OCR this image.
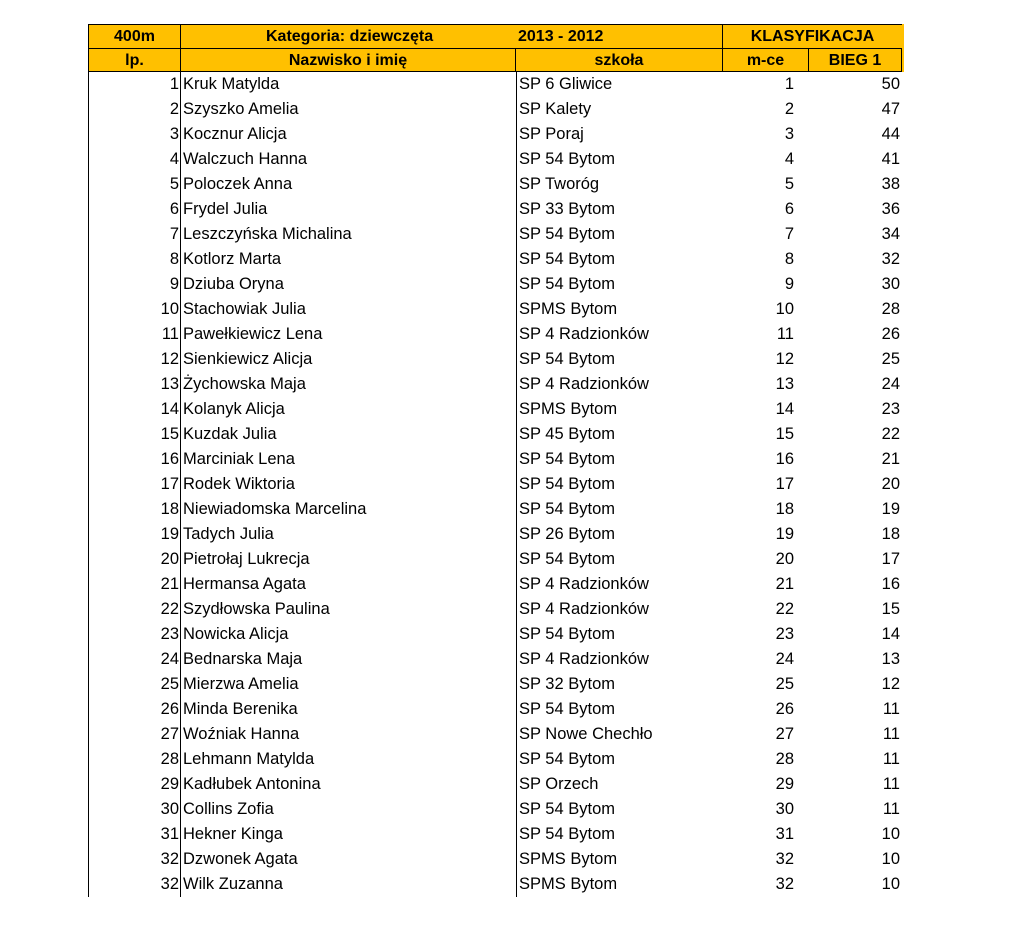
400m	Kategoria: dziewczęta	2013 - 2012	KLASYFIKACJA
lp.	Nazwisko i imię	szkoła	m-ce	BIEG 1
1 Kruk Matylda	SP 6 Gliwice	1	50
2 Szyszko Amelia	SP Kalety	2	47
3 Kocznur Alicja	SP Poraj	3	44
4 Walczuch Hanna	SP 54 Bytom	4	41
5 Poloczek Anna	SP Tworóg	5	38
6 Frydel Julia	SP 33 Bytom	6	36
7 Leszczyńska Michalina	SP 54 Bytom	7	34
8 Kotlorz Marta	SP 54 Bytom	8	32
9 Dziuba Oryna	SP 54 Bytom	9	30
10 Stachowiak Julia	SPMS Bytom	10	28
11 Pawełkiewicz Lena	SP 4 Radzionków	11	26
12 Sienkiewicz Alicja	SP 54 Bytom	12	25
13 Żychowska Maja	SP 4 Radzionków	13	24
14 Kolanyk Alicja	SPMS Bytom	14	23
15 Kuzdak Julia	SP 45 Bytom	15	22
16 Marciniak Lena	SP 54 Bytom	16	21
17 Rodek Wiktoria	SP 54 Bytom	17	20
18 Niewiadomska Marcelina	SP 54 Bytom	18	19
19 Tadych Julia	SP 26 Bytom	19	18
20 Pietrołaj Lukrecja	SP 54 Bytom	20	17
21 Hermansa Agata	SP 4 Radzionków	21	16
22 Szydłowska Paulina	SP 4 Radzionków	22	15
23 Nowicka Alicja	SP 54 Bytom	23	14
24 Bednarska Maja	SP 4 Radzionków	24	13
25 Mierzwa Amelia	SP 32 Bytom	25	12
26 Minda Berenika	SP 54 Bytom	26	11
27 Woźniak Hanna	SP Nowe Chechło	27	11
28 Lehmann Matylda	SP 54 Bytom	28	11
29 Kadłubek Antonina	SP Orzech	29	11
30 Collins Zofia	SP 54 Bytom	30	11
31 Hekner Kinga	SP 54 Bytom	31	10
32 Dzwonek Agata	SPMS Bytom	32	10
32 Wilk Zuzanna	SPMS Bytom	32	10
